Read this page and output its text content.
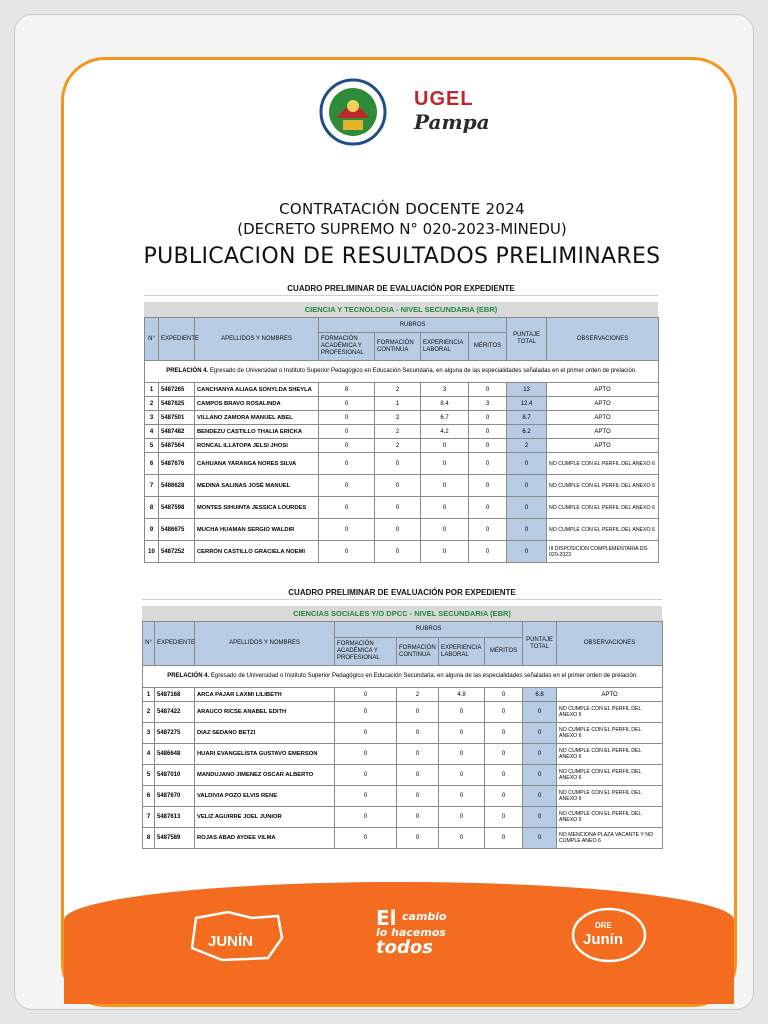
UGEL
Pampa
CONTRATACIÓN DOCENTE 2024
(DECRETO SUPREMO N° 020-2023-MINEDU)
PUBLICACION DE RESULTADOS PRELIMINARES
CUADRO PRELIMINAR DE EVALUACIÓN POR EXPEDIENTE
CIENCIA Y TECNOLOGIA - NIVEL SECUNDARIA (EBR)
N°	EXPEDIENTE	APELLIDOS Y NOMBRES	RUBROS				PUNTAJE TOTAL	OBSERVACIONES
			FORMACIÓN ACADÉMICA Y PROFESIONAL	FORMACIÓN CONTINUA	EXPERIENCIA LABORAL	MÉRITOS		
PRELACIÓN 4. Egresado de Universidad o Instituto Superior Pedagógico en Educación Secundaria, en alguna de las especialidades señaladas en el primer orden de prelación.								
1	5487265	CANCHANYA ALIAGA SONYLDA SHEYLA	8	2	3	0	13	APTO
2	5487625	CAMPOS BRAVO ROSALINDA	0	1	8.4	3	12.4	APTO
3	5487501	VILLANO ZAMORA MANUEL ABEL	0	2	6.7	0	8.7	APTO
4	5487482	BENDEZU CASTILLO THALIA ERICKA	0	2	4.2	0	6.2	APTO
5	5487564	RONCAL ILLATOPA JELSI JHOSI	0	2	0	0	2	APTO
6	5487676	CAHUANA YARANGA NORES SILVA	0	0	0	0	0	NO CUMPLE CON EL PERFIL DEL ANEXO 6
7	5486628	MEDINA SALINAS JOSÉ MANUEL	0	0	0	0	0	NO CUMPLE CON EL PERFIL DEL ANEXO 6
8	5487598	MONTES SIHUINTA JESSICA LOURDES	0	0	0	0	0	NO CUMPLE CON EL PERFIL DEL ANEXO 6
9	5486675	MUCHA HUAMAN SERGIO WALDIR	0	0	0	0	0	NO CUMPLE CON EL PERFIL DEL ANEXO 6
10	5487252	CERRÓN CASTILLO GRACIELA NOEMI	0	0	0	0	0	III DISPOSICIÓN COMPLEMENTARIA DS-020-2023
CUADRO PRELIMINAR DE EVALUACIÓN POR EXPEDIENTE
CIENCIAS SOCIALES Y/O DPCC - NIVEL SECUNDARIA (EBR)
N°	EXPEDIENTE	APELLIDOS Y NOMBRES	RUBROS				PUNTAJE TOTAL	OBSERVACIONES
			FORMACIÓN ACADÉMICA Y PROFESIONAL	FORMACIÓN CONTINUA	EXPERIENCIA LABORAL	MÉRITOS		
PRELACIÓN 4. Egresado de Universidad o Instituto Superior Pedagógico en Educación Secundaria, en alguna de las especialidades señaladas en el primer orden de prelación.								
1	5487168	ARCA PAJAR LAXMI LILIBETH	0	2	4.8	0	6.8	APTO
2	5487422	ARAUCO RICSE ANABEL EDITH	0	0	0	0	0	NO CUMPLE CON EL PERFIL DEL ANEXO 6
3	5487275	DIAZ SEDANO BETZI	0	0	0	0	0	NO CUMPLE CON EL PERFIL DEL ANEXO 6
4	5486648	HUARI EVANGELISTA GUSTAVO EMERSON	0	0	0	0	0	NO CUMPLE CON EL PERFIL DEL ANEXO 6
5	5487010	MANDUJANO JIMENEZ OSCAR ALBERTO	0	0	0	0	0	NO CUMPLE CON EL PERFIL DEL ANEXO 6
6	5487670	VALDIVIA POZO ELVIS RENE	0	0	0	0	0	NO CUMPLE CON EL PERFIL DEL ANEXO 6
7	5487613	VELIZ AGUIRRE JOEL JUNIOR	0	0	0	0	0	NO CUMPLE CON EL PERFIL DEL ANEXO 6
8	5487589	ROJAS ABAD AYDEE VILMA	0	0	0	0	0	NO MENCIONA PLAZA VACANTE Y NO CUMPLE ANEO 6
JUNÍN
El cambio
lo hacemos
todos
DRE
Junín
